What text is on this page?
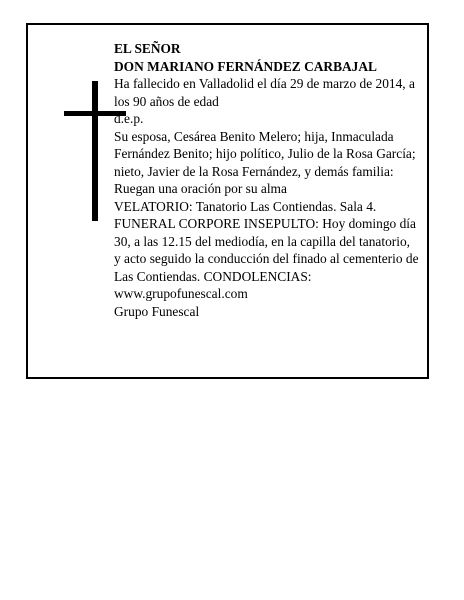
EL SEÑOR

DON MARIANO FERNÁNDEZ CARBAJAL

Ha fallecido en Valladolid el día 29 de marzo de 2014, a los 90 años de edad

d.e.p.

Su esposa, Cesárea Benito Melero; hija, Inmaculada Fernández Benito; hijo político, Julio de la Rosa García; nieto, Javier de la Rosa Fernández, y demás familia:

Ruegan una oración por su alma

VELATORIO: Tanatorio Las Contiendas. Sala 4.

FUNERAL CORPORE INSEPULTO: Hoy domingo día 30, a las 12.15 del mediodía, en la capilla del tanatorio, y acto seguido la conducción del finado al cementerio de Las Contiendas. CONDOLENCIAS: www.grupofunescal.com

Grupo Funescal
